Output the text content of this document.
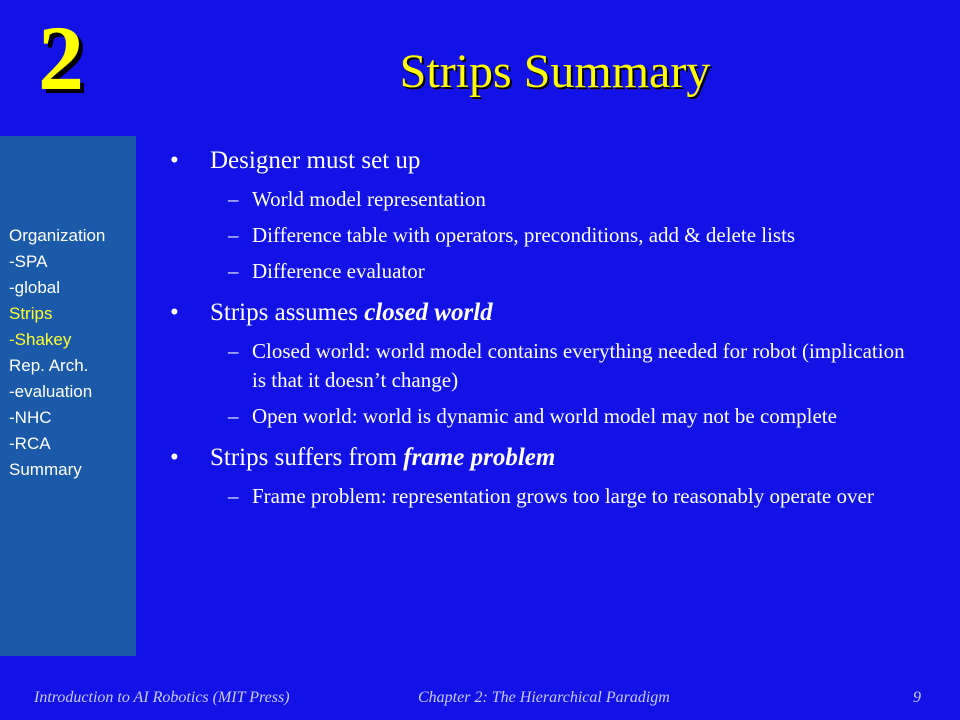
2	Strips Summary
Organization
-SPA
-global
Strips
-Shakey
Rep. Arch.
-evaluation
-NHC
-RCA
Summary
• Designer must set up
– World model representation
– Difference table with operators, preconditions, add & delete lists
– Difference evaluator
• Strips assumes closed world
– Closed world: world model contains everything needed for robot (implication is that it doesn’t change)
– Open world: world is dynamic and world model may not be complete
• Strips suffers from frame problem
– Frame problem: representation grows too large to reasonably operate over
Introduction to AI Robotics (MIT Press)	Chapter 2: The Hierarchical Paradigm	9
